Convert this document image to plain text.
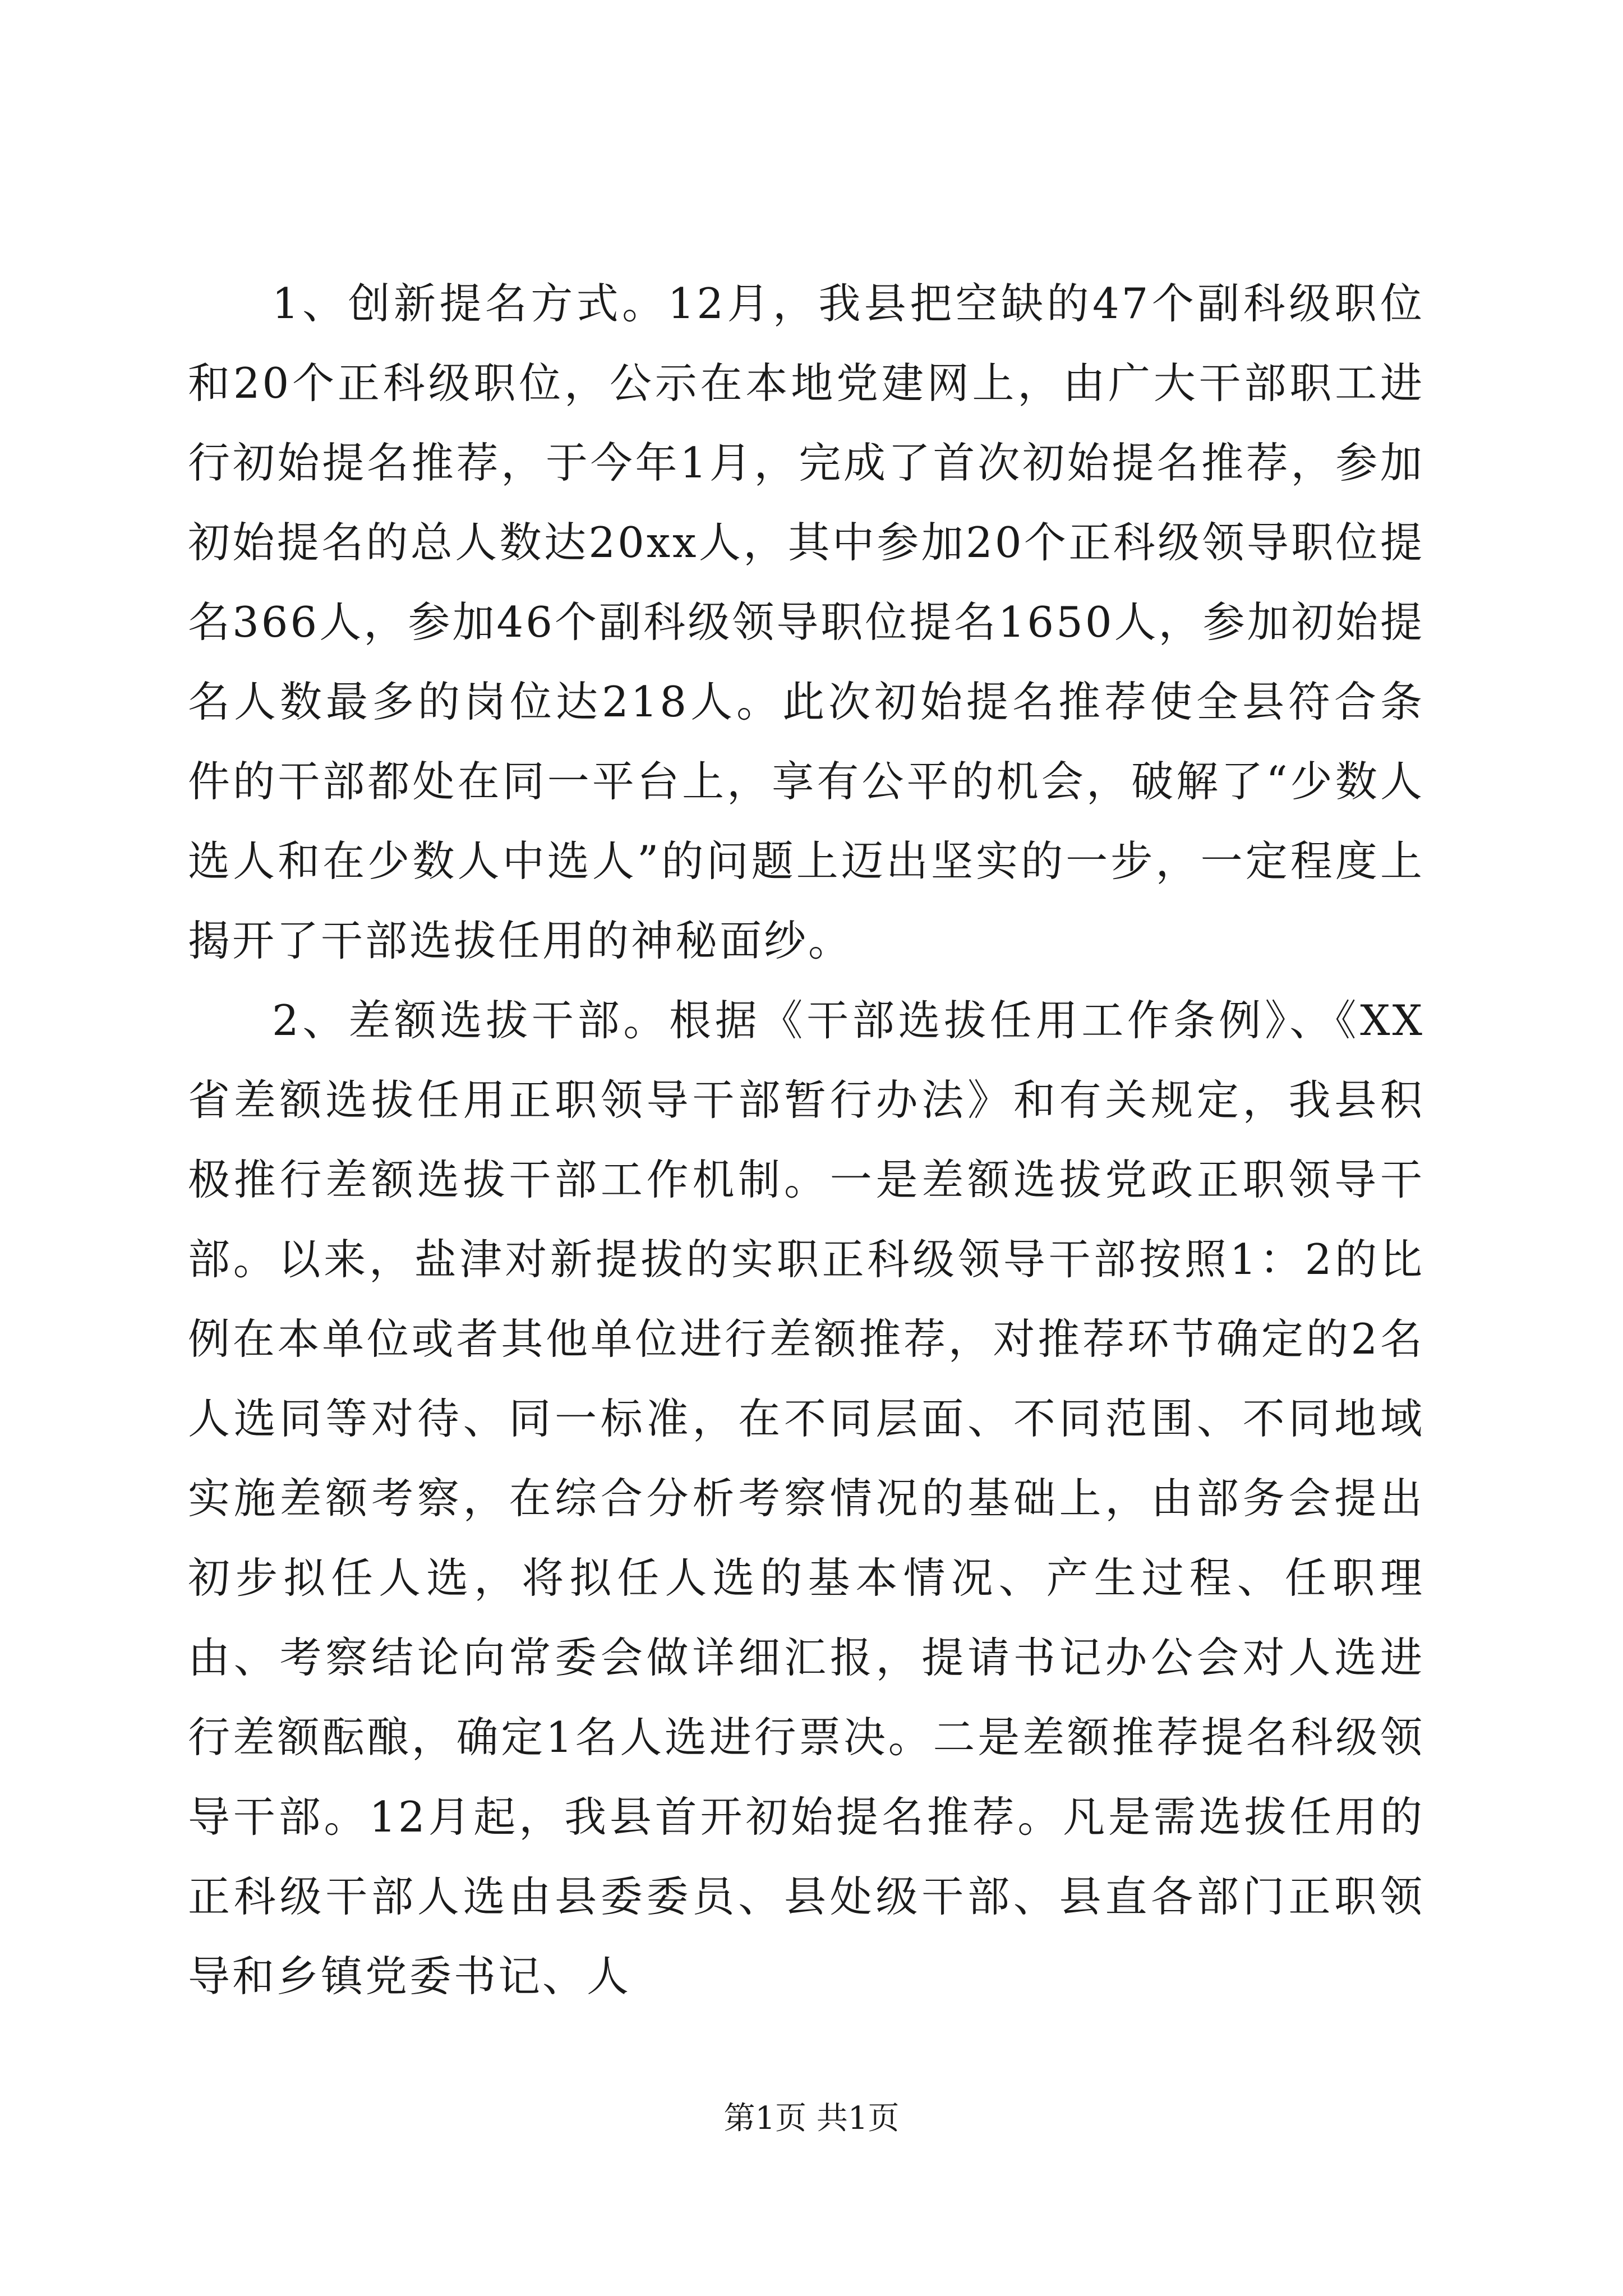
1、创新提名方式。12月，我县把空缺的47个副科级职位和20个正科级职位，公示在本地党建网上，由广大干部职工进行初始提名推荐，于今年1月，完成了首次初始提名推荐，参加初始提名的总人数达20xx人，其中参加20个正科级领导职位提名366人，参加46个副科级领导职位提名1650人，参加初始提名人数最多的岗位达218人。此次初始提名推荐使全县符合条件的干部都处在同一平台上，享有公平的机会，破解了“少数人选人和在少数人中选人”的问题上迈出坚实的一步，一定程度上揭开了干部选拔任用的神秘面纱。

2、差额选拔干部。根据《干部选拔任用工作条例》、《XX省差额选拔任用正职领导干部暂行办法》和有关规定，我县积极推行差额选拔干部工作机制。一是差额选拔党政正职领导干部。以来，盐津对新提拔的实职正科级领导干部按照1：2的比例在本单位或者其他单位进行差额推荐，对推荐环节确定的2名人选同等对待、同一标准，在不同层面、不同范围、不同地域实施差额考察，在综合分析考察情况的基础上，由部务会提出初步拟任人选，将拟任人选的基本情况、产生过程、任职理由、考察结论向常委会做详细汇报，提请书记办公会对人选进行差额酝酿，确定1名人选进行票决。二是差额推荐提名科级领导干部。12月起，我县首开初始提名推荐。凡是需选拔任用的正科级干部人选由县委委员、县处级干部、县直各部门正职领导和乡镇党委书记、人

第1页 共1页
